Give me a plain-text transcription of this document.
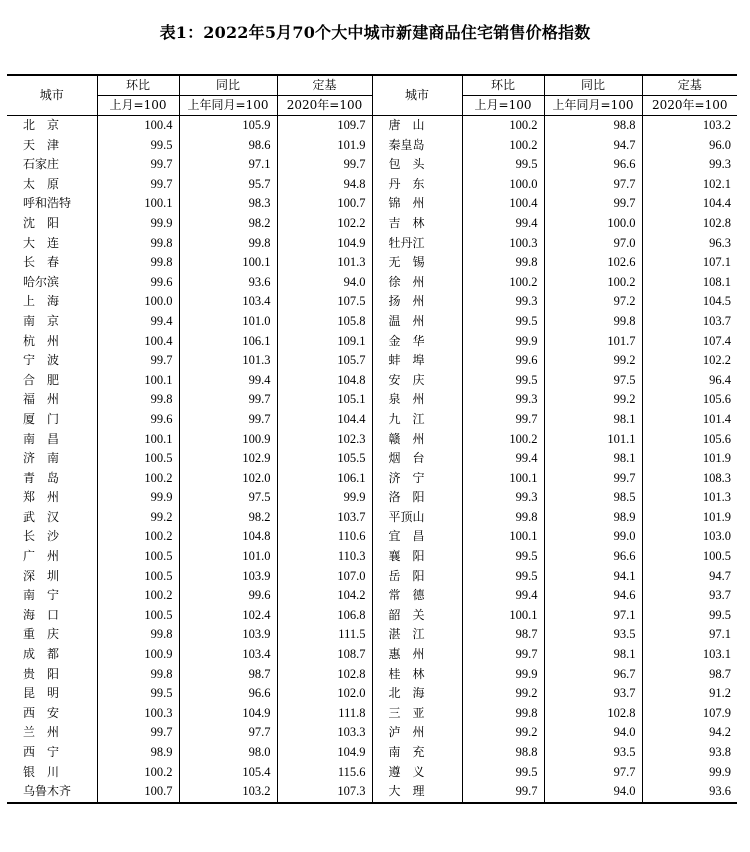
表1：2022年5月70个大中城市新建商品住宅销售价格指数
城市	环比	同比	定基	城市	环比	同比	定基
	上月=100	上年同月=100	2020年=100		上月=100	上年同月=100	2020年=100
北　京	100.4	105.9	109.7	唐　山	100.2	98.8	103.2
天　津	99.5	98.6	101.9	秦皇岛	100.2	94.7	96.0
石家庄	99.7	97.1	99.7	包　头	99.5	96.6	99.3
太　原	99.7	95.7	94.8	丹　东	100.0	97.7	102.1
呼和浩特	100.1	98.3	100.7	锦　州	100.4	99.7	104.4
沈　阳	99.9	98.2	102.2	吉　林	99.4	100.0	102.8
大　连	99.8	99.8	104.9	牡丹江	100.3	97.0	96.3
长　春	99.8	100.1	101.3	无　锡	99.8	102.6	107.1
哈尔滨	99.6	93.6	94.0	徐　州	100.2	100.2	108.1
上　海	100.0	103.4	107.5	扬　州	99.3	97.2	104.5
南　京	99.4	101.0	105.8	温　州	99.5	99.8	103.7
杭　州	100.4	106.1	109.1	金　华	99.9	101.7	107.4
宁　波	99.7	101.3	105.7	蚌　埠	99.6	99.2	102.2
合　肥	100.1	99.4	104.8	安　庆	99.5	97.5	96.4
福　州	99.8	99.7	105.1	泉　州	99.3	99.2	105.6
厦　门	99.6	99.7	104.4	九　江	99.7	98.1	101.4
南　昌	100.1	100.9	102.3	赣　州	100.2	101.1	105.6
济　南	100.5	102.9	105.5	烟　台	99.4	98.1	101.9
青　岛	100.2	102.0	106.1	济　宁	100.1	99.7	108.3
郑　州	99.9	97.5	99.9	洛　阳	99.3	98.5	101.3
武　汉	99.2	98.2	103.7	平顶山	99.8	98.9	101.9
长　沙	100.2	104.8	110.6	宜　昌	100.1	99.0	103.0
广　州	100.5	101.0	110.3	襄　阳	99.5	96.6	100.5
深　圳	100.5	103.9	107.0	岳　阳	99.5	94.1	94.7
南　宁	100.2	99.6	104.2	常　德	99.4	94.6	93.7
海　口	100.5	102.4	106.8	韶　关	100.1	97.1	99.5
重　庆	99.8	103.9	111.5	湛　江	98.7	93.5	97.1
成　都	100.9	103.4	108.7	惠　州	99.7	98.1	103.1
贵　阳	99.8	98.7	102.8	桂　林	99.9	96.7	98.7
昆　明	99.5	96.6	102.0	北　海	99.2	93.7	91.2
西　安	100.3	104.9	111.8	三　亚	99.8	102.8	107.9
兰　州	99.7	97.7	103.3	泸　州	99.2	94.0	94.2
西　宁	98.9	98.0	104.9	南　充	98.8	93.5	93.8
银　川	100.2	105.4	115.6	遵　义	99.5	97.7	99.9
乌鲁木齐	100.7	103.2	107.3	大　理	99.7	94.0	93.6
